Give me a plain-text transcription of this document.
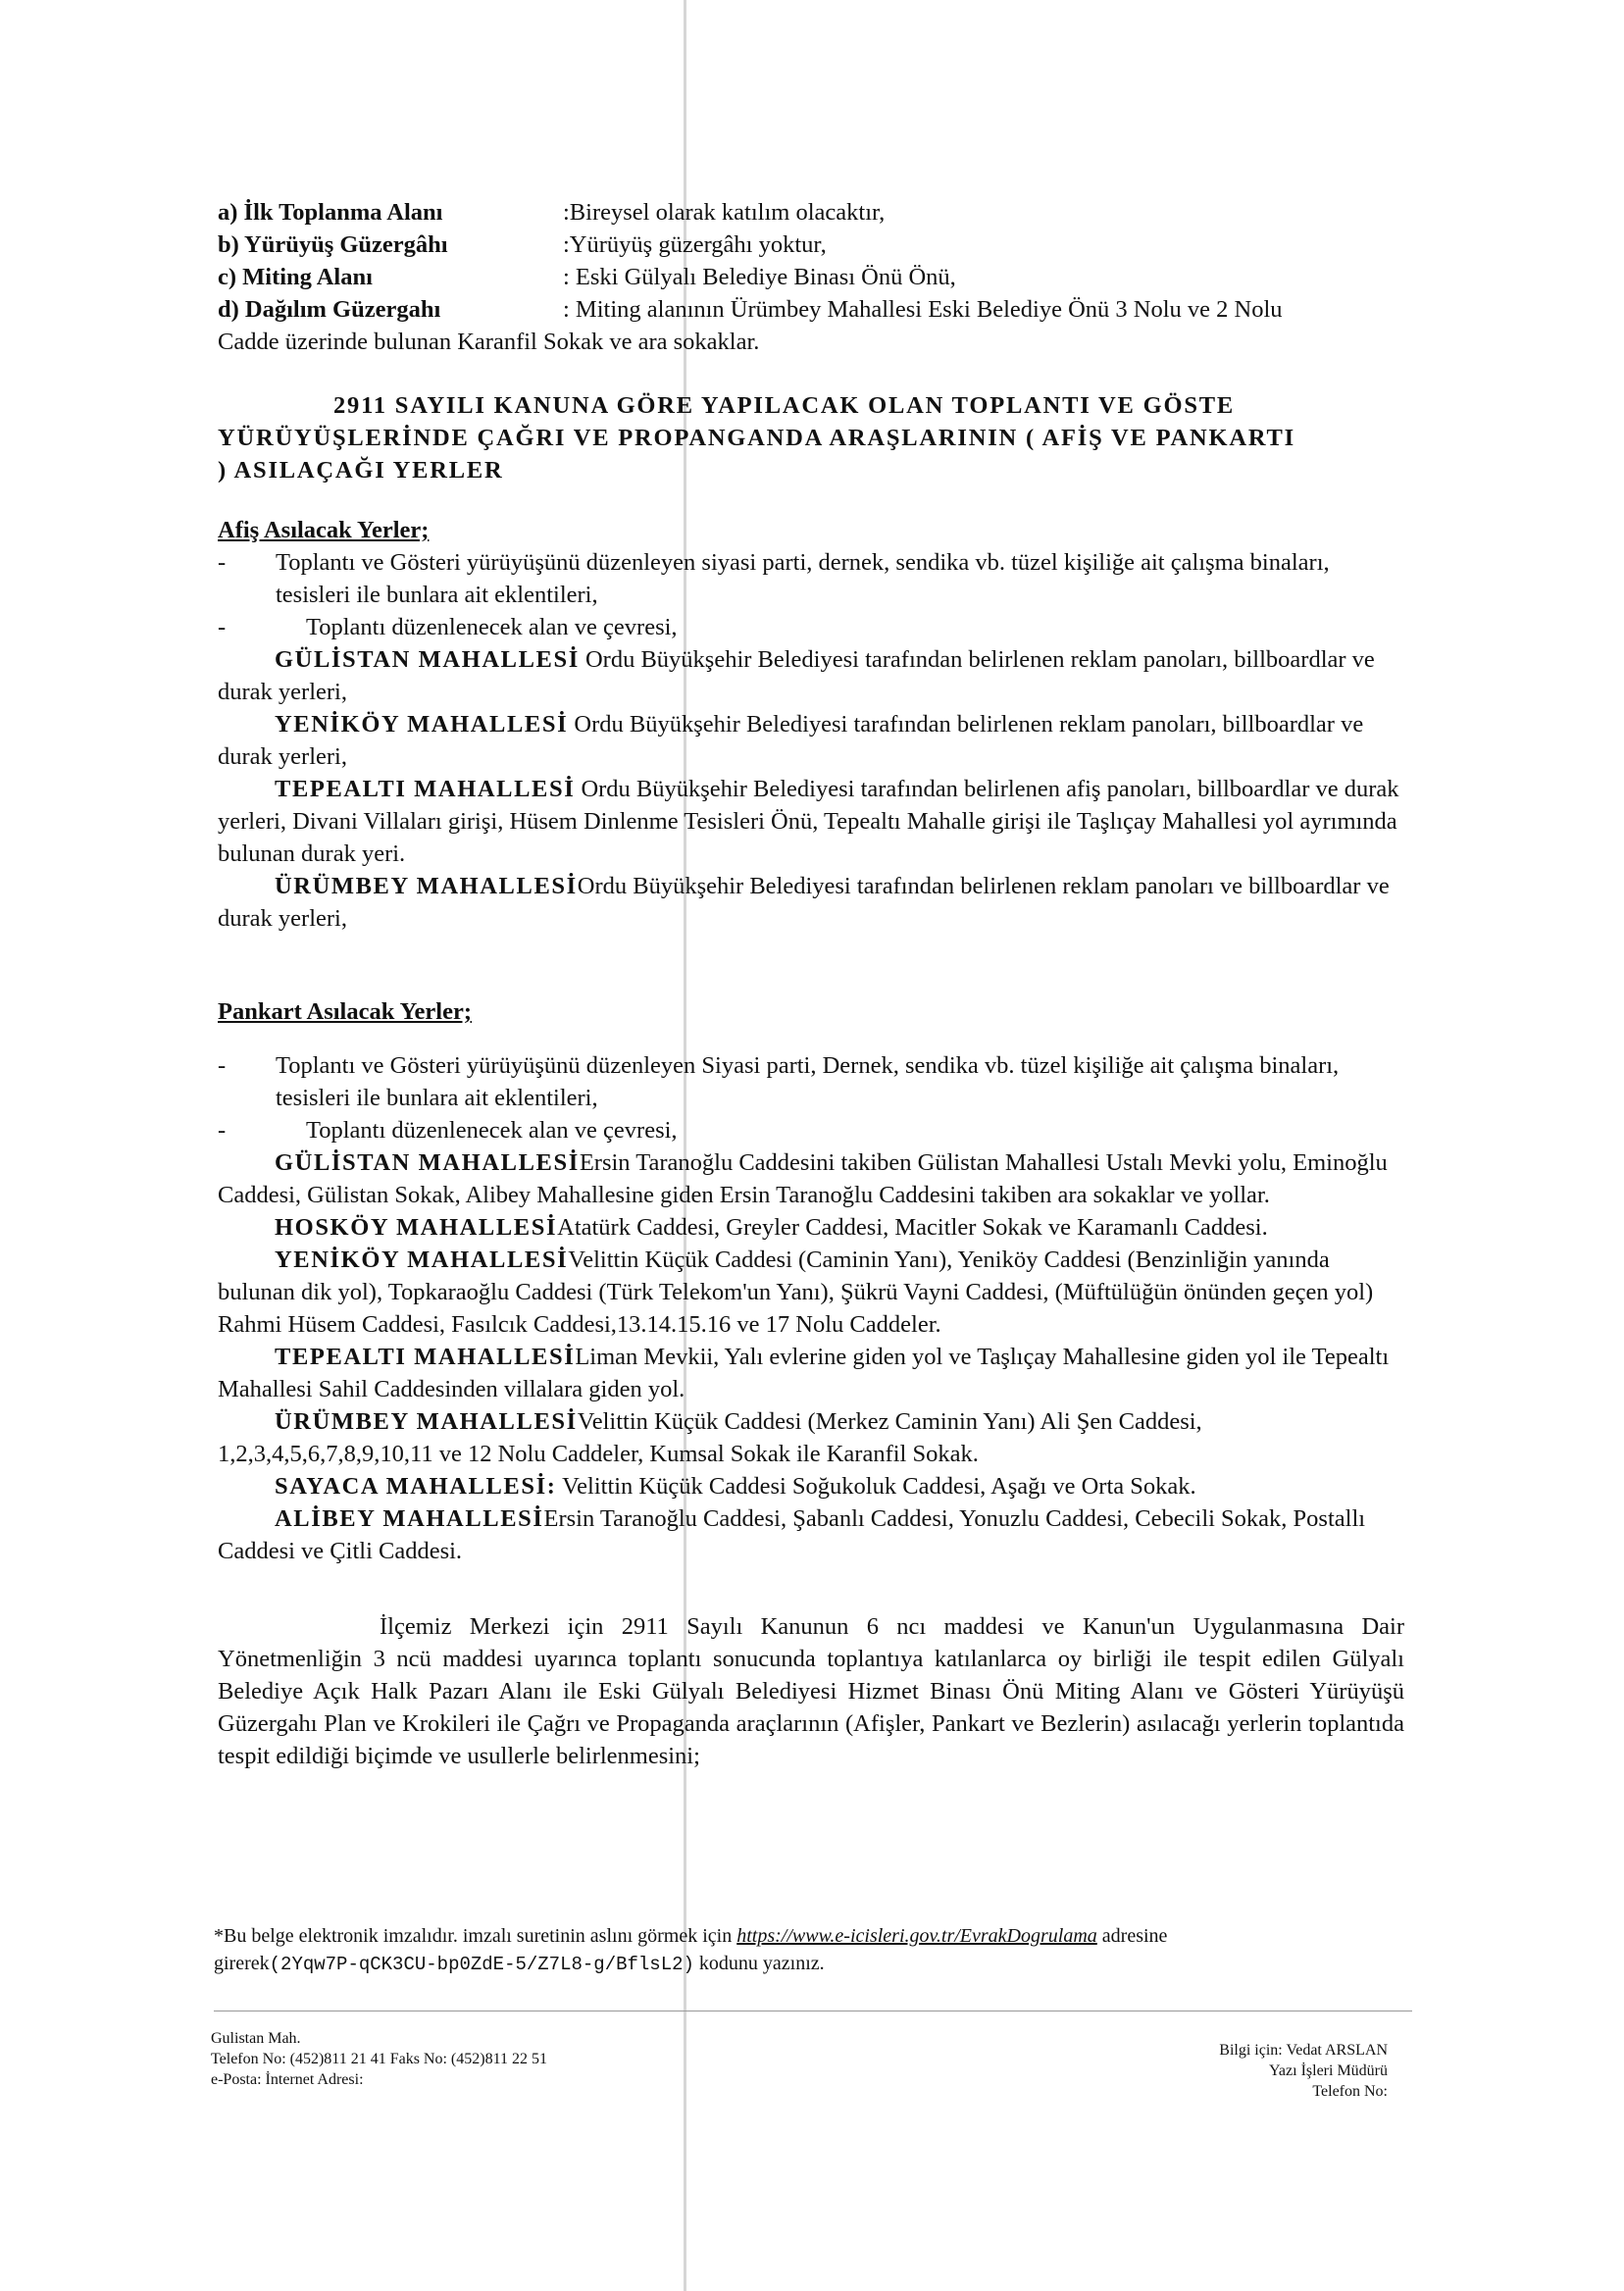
a) İlk Toplanma Alanı	:Bireysel olarak katılım olacaktır,
b) Yürüyüş Güzergâhı	:Yürüyüş güzergâhı yoktur,
c) Miting Alanı	: Eski Gülyalı Belediye Binası Önü Önü,
d) Dağılım Güzergahı	: Miting alanının Ürümbey Mahallesi Eski Belediye Önü 3 Nolu ve 2 Nolu

Cadde üzerinde bulunan Karanfil Sokak ve ara sokaklar.

2911 SAYILI KANUNA GÖRE YAPILACAK OLAN TOPLANTI VE GÖSTE
YÜRÜYÜŞLERİNDE ÇAĞRI VE PROPANGANDA ARAŞLARININ ( AFİŞ VE PANKARTI
) ASILAÇAĞI YERLER

Afiş Asılacak Yerler;

-	Toplantı ve Gösteri yürüyüşünü düzenleyen siyasi parti, dernek, sendika vb. tüzel kişiliğe ait çalışma binaları, tesisleri ile bunlara ait eklentileri,
-	Toplantı düzenlenecek alan ve çevresi,

GÜLİSTAN MAHALLESİ Ordu Büyükşehir Belediyesi tarafından belirlenen reklam panoları, billboardlar ve durak yerleri,

YENİKÖY MAHALLESİ Ordu Büyükşehir Belediyesi tarafından belirlenen reklam panoları, billboardlar ve durak yerleri,

TEPEALTI MAHALLESİ Ordu Büyükşehir Belediyesi tarafından belirlenen afiş panoları, billboardlar ve durak yerleri, Divani Villaları girişi, Hüsem Dinlenme Tesisleri Önü, Tepealtı Mahalle girişi ile Taşlıçay Mahallesi yol ayrımında bulunan durak yeri.

ÜRÜMBEY MAHALLESİOrdu Büyükşehir Belediyesi tarafından belirlenen reklam panoları ve billboardlar ve durak yerleri,

Pankart Asılacak Yerler;

-	Toplantı ve Gösteri yürüyüşünü düzenleyen Siyasi parti, Dernek, sendika vb. tüzel kişiliğe ait çalışma binaları, tesisleri ile bunlara ait eklentileri,
-	Toplantı düzenlenecek alan ve çevresi,

GÜLİSTAN MAHALLESİErsin Taranoğlu Caddesini takiben Gülistan Mahallesi Ustalı Mevki yolu, Eminoğlu Caddesi, Gülistan Sokak, Alibey Mahallesine giden Ersin Taranoğlu Caddesini takiben ara sokaklar ve yollar.

HOSKÖY MAHALLESİAtatürk Caddesi, Greyler Caddesi, Macitler Sokak ve Karamanlı Caddesi.

YENİKÖY MAHALLESİVelittin Küçük Caddesi (Caminin Yanı), Yeniköy Caddesi (Benzinliğin yanında bulunan dik yol), Topkaraoğlu Caddesi (Türk Telekom'un Yanı), Şükrü Vayni Caddesi, (Müftülüğün önünden geçen yol) Rahmi Hüsem Caddesi, Fasılcık Caddesi,13.14.15.16 ve 17 Nolu Caddeler.

TEPEALTI MAHALLESİLiman Mevkii, Yalı evlerine giden yol ve Taşlıçay Mahallesine giden yol ile Tepealtı Mahallesi Sahil Caddesinden villalara giden yol.

ÜRÜMBEY MAHALLESİVelittin Küçük Caddesi (Merkez Caminin Yanı) Ali Şen Caddesi, 1,2,3,4,5,6,7,8,9,10,11 ve 12 Nolu Caddeler, Kumsal Sokak ile Karanfil Sokak.

SAYACA MAHALLESİ: Velittin Küçük Caddesi Soğukoluk Caddesi, Aşağı ve Orta Sokak.

ALİBEY MAHALLESİErsin Taranoğlu Caddesi, Şabanlı Caddesi, Yonuzlu Caddesi, Cebecili Sokak, Postallı Caddesi ve Çitli Caddesi.

İlçemiz Merkezi için 2911 Sayılı Kanunun 6 ncı maddesi ve Kanun'un Uygulanmasına Dair Yönetmenliğin 3 ncü maddesi uyarınca toplantı sonucunda toplantıya katılanlarca oy birliği ile tespit edilen Gülyalı Belediye Açık Halk Pazarı Alanı ile Eski Gülyalı Belediyesi Hizmet Binası Önü Miting Alanı ve Gösteri Yürüyüşü Güzergahı Plan ve Krokileri ile Çağrı ve Propaganda araçlarının (Afişler, Pankart ve Bezlerin) asılacağı yerlerin toplantıda tespit edildiği biçimde ve usullerle belirlenmesini;

*Bu belge elektronik imzalıdır. imzalı suretinin aslını görmek için https://www.e-icisleri.gov.tr/EvrakDogrulama adresine
girerek(2Yqw7P-qCK3CU-bp0ZdE-5/Z7L8-g/BflsL2) kodunu yazınız.
Gulistan Mah.
Telefon No: (452)811 21 41 Faks No: (452)811 22 51
e-Posta: İnternet Adresi:
Bilgi için: Vedat ARSLAN
Yazı İşleri Müdürü
Telefon No:
